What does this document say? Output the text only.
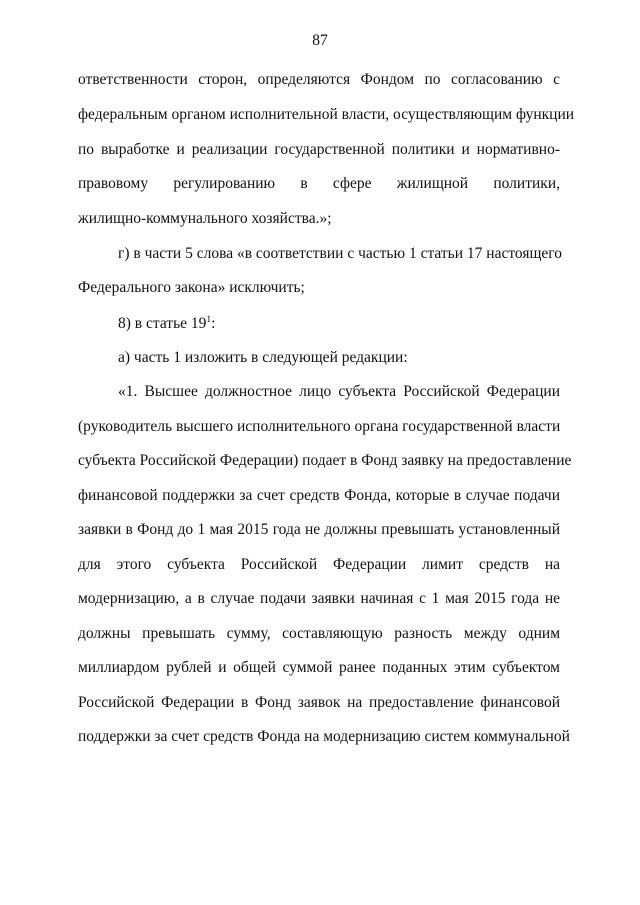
87
ответственности сторон, определяются Фондом по согласованию с
федеральным органом исполнительной власти, осуществляющим функции
по выработке и реализации государственной политики и нормативно-
правовому регулированию в сфере жилищной политики,
жилищно-коммунального хозяйства.»;
г) в части 5 слова «в соответствии с частью 1 статьи 17 настоящего
Федерального закона» исключить;
8) в статье $19^1$:
а) часть 1 изложить в следующей редакции:
«1. Высшее должностное лицо субъекта Российской Федерации
(руководитель высшего исполнительного органа государственной власти
субъекта Российской Федерации) подает в Фонд заявку на предоставление
финансовой поддержки за счет средств Фонда, которые в случае подачи
заявки в Фонд до 1 мая 2015 года не должны превышать установленный
для этого субъекта Российской Федерации лимит средств на
модернизацию, а в случае подачи заявки начиная с 1 мая 2015 года не
должны превышать сумму, составляющую разность между одним
миллиардом рублей и общей суммой ранее поданных этим субъектом
Российской Федерации в Фонд заявок на предоставление финансовой
поддержки за счет средств Фонда на модернизацию систем коммунальной
